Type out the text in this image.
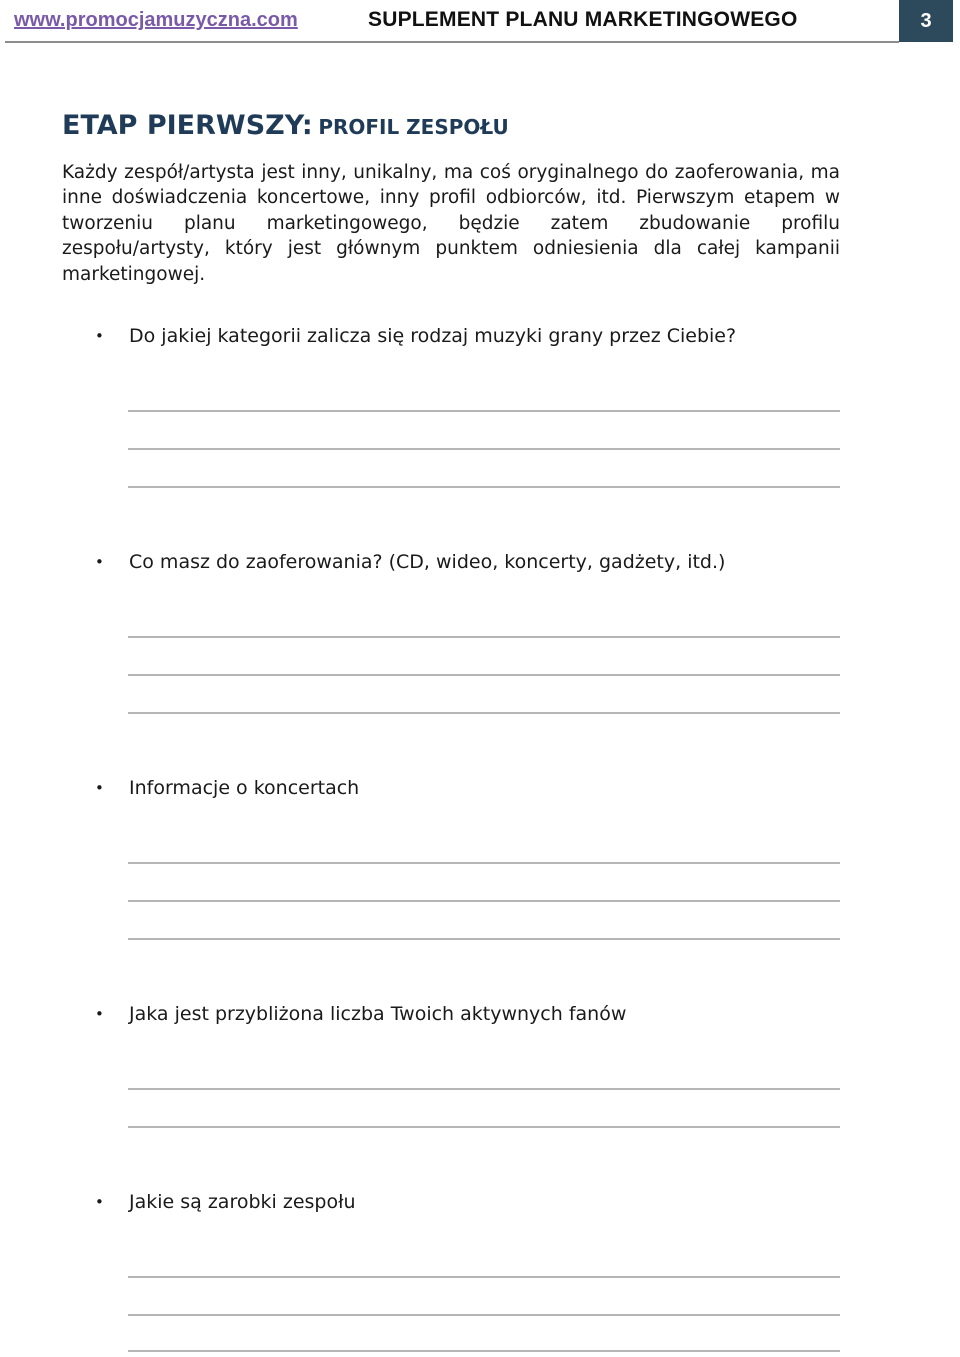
www.promocjamuzyczna.com	SUPLEMENT PLANU MARKETINGOWEGO	3
ETAP PIERWSZY: PROFIL ZESPOŁU

Każdy zespół/artysta jest inny, unikalny, ma coś oryginalnego do zaoferowania, ma inne doświadczenia koncertowe, inny profil odbiorców, itd. Pierwszym etapem w tworzeniu planu marketingowego, będzie zatem zbudowanie profilu zespołu/artysty, który jest głównym punktem odniesienia dla całej kampanii marketingowej.

• Do jakiej kategorii zalicza się rodzaj muzyki grany przez Ciebie?
• Co masz do zaoferowania? (CD, wideo, koncerty, gadżety, itd.)
• Informacje o koncertach
• Jaka jest przybliżona liczba Twoich aktywnych fanów
• Jakie są zarobki zespołu
